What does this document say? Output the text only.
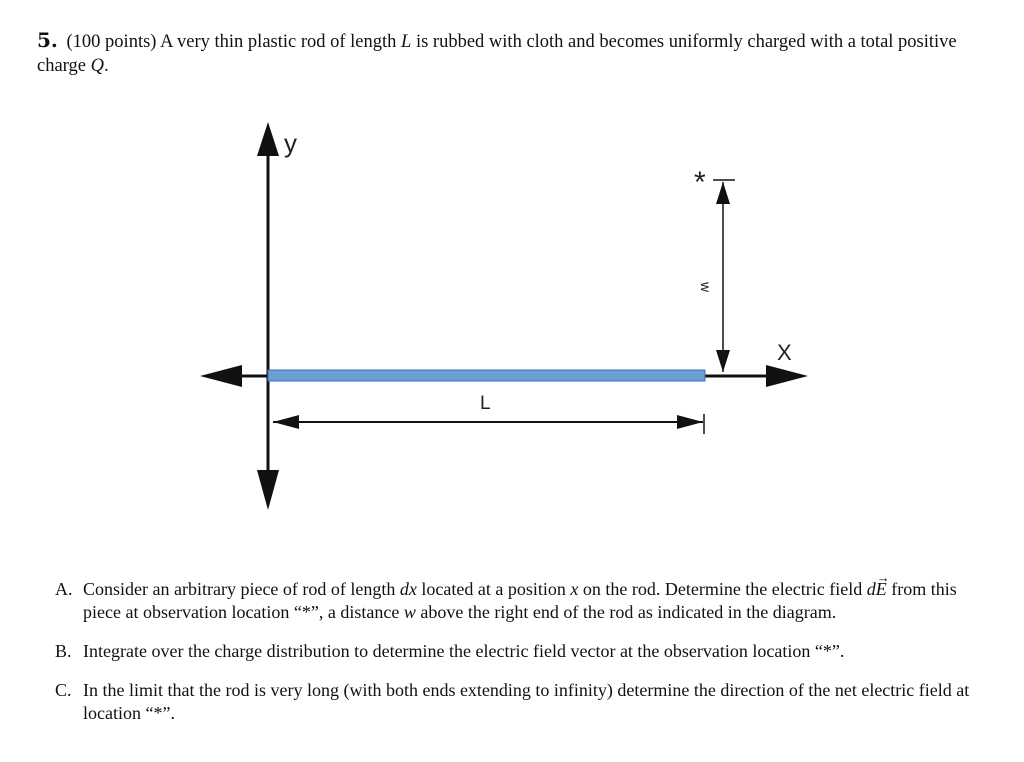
5. (100 points) A very thin plastic rod of length L is rubbed with cloth and becomes uniformly charged with a total positive charge Q.
y
X
L
*
w
A. Consider an arbitrary piece of rod of length dx located at a position x on the rod. Determine the electric field d→ E from this piece at observation location “*”, a distance w above the right end of the rod as indicated in the diagram.
B. Integrate over the charge distribution to determine the electric field vector at the observation location “*”.
C. In the limit that the rod is very long (with both ends extending to infinity) determine the direction of the net electric field at location “*”.
